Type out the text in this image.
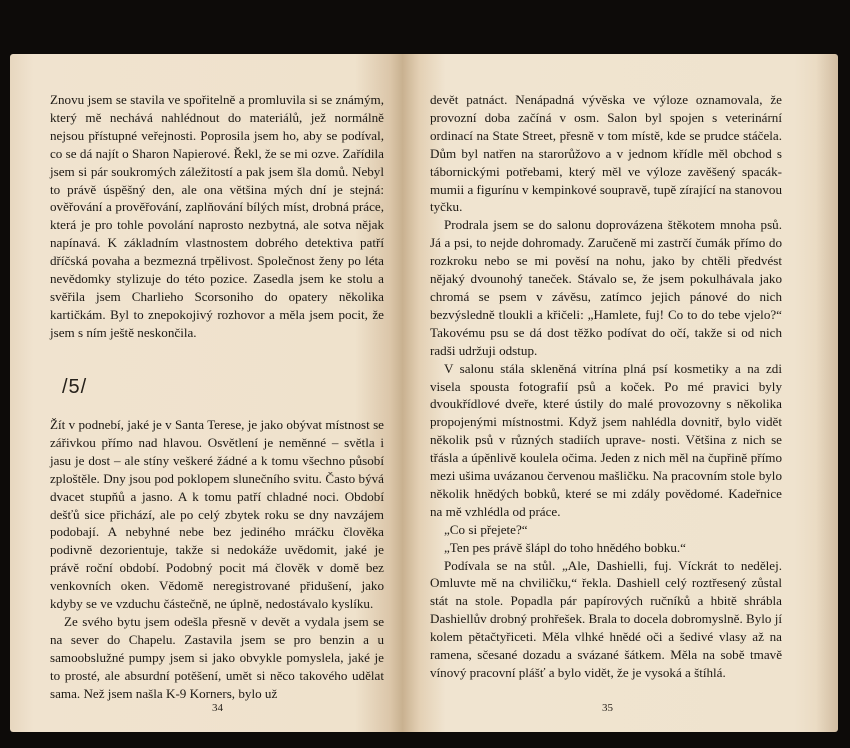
Znovu jsem se stavila ve spořitelně a promluvila si se známým, který mě nechává nahlédnout do materiálů, jež normálně nejsou přístupné veřejnosti. Poprosila jsem ho, aby se podíval, co se dá najít o Sharon Napierové. Řekl, že se mi ozve. Zařídila jsem si pár soukromých záležitostí a pak jsem šla domů. Nebyl to právě úspěšný den, ale ona většina mých dní je stejná: ověřování a prověřování, zaplňování bílých míst, drobná práce, která je pro tohle povolání naprosto nezbytná, ale sotva nějak napínavá. K základním vlastnostem dobrého detektiva patří dříčská povaha a bezmezná trpělivost. Společnost ženy po léta nevědomky stylizuje do této pozice. Zasedla jsem ke stolu a svěřila jsem Charlieho Scorsoniho do opatery několika kartičkám. Byl to znepokojivý rozhovor a měla jsem pocit, že jsem s ním ještě neskončila.
/5/

Žít v podnebí, jaké je v Santa Terese, je jako obývat místnost se zářivkou přímo nad hlavou. Osvětlení je neměnné – světla i jasu je dost – ale stíny veškeré žádné a k tomu všechno působí zploštěle. Dny jsou pod poklopem slunečního svitu. Často bývá dvacet stupňů a jasno. A k tomu patří chladné noci. Období dešťů sice přichází, ale po celý zbytek roku se dny navzájem podobají. A nebyhné nebe bez jediného mráčku člověka podivně dezorientuje, takže si nedokáže uvědomit, jaké je právě roční období. Podobný pocit má člověk v domě bez venkovních oken. Vědomě neregistrované přidušení, jako kdyby se ve vzduchu částečně, ne úplně, nedostávalo kyslíku.

Ze svého bytu jsem odešla přesně v devět a vydala jsem se na sever do Chapelu. Zastavila jsem se pro benzin a u samoobslužné pumpy jsem si jako obvykle pomyslela, jaké je to prosté, ale absurdní potěšení, umět si něco takového udělat sama. Než jsem našla K-9 Korners, bylo už

34

devět patnáct. Nenápadná vývěska ve výloze oznamovala, že provozní doba začíná v osm. Salon byl spojen s veterinární ordinací na State Street, přesně v tom místě, kde se prudce stáčela. Dům byl natřen na starorůžovo a v jednom křídle měl obchod s tábornickými potřebami, který měl ve výloze zavěšený spacák-mumii a figurínu v kempinkové soupravě, tupě zírající na stanovou tyčku.

Prodrala jsem se do salonu doprovázena štěkotem mnoha psů. Já a psi, to nejde dohromady. Zaručeně mi zastrčí čumák přímo do rozkroku nebo se mi pověsí na nohu, jako by chtěli předvést nějaký dvounohý taneček. Stávalo se, že jsem pokulhávala jako chromá se psem v závěsu, zatímco jejich pánové do nich bezvýsledně tloukli a křičeli: „Hamlete, fuj! Co to do tebe vjelo?“ Takovému psu se dá dost těžko podívat do očí, takže si od nich radši udržuji odstup.

V salonu stála skleněná vitrína plná psí kosmetiky a na zdi visela spousta fotografií psů a koček. Po mé pravici byly dvoukřídlové dveře, které ústily do malé provozovny s několika propojenými místnostmi. Když jsem nahlédla dovnitř, bylo vidět několik psů v různých stadiích upravе- nosti. Většina z nich se třásla a úpěnlivě koulela očima. Jeden z nich měl na čupřině přímo mezi ušima uvázanou červenou mašličku. Na pracovním stole bylo několik hnědých bobků, které se mi zdály povědomé. Kadeřnice na mě vzhlédla od práce.

„Co si přejete?“

„Ten pes právě šlápl do toho hnědého bobku.“

Podívala se na stůl. „Ale, Dashielli, fuj. Víckrát to nedělej. Omluvte mě na chviličku,“ řekla. Dashiell celý roztřesený zůstal stát na stole. Popadla pár papírových ručníků a hbitě shrábla Dashiellův drobný prohřešek. Brala to docela dobromyslně. Bylo jí kolem pětačtyřiceti. Měla vlhké hnědé oči a šedivé vlasy až na ramena, sčesané dozadu a svázané šátkem. Měla na sobě tmavě vínový pracovní plášť a bylo vidět, že je vysoká a štíhlá.

35
